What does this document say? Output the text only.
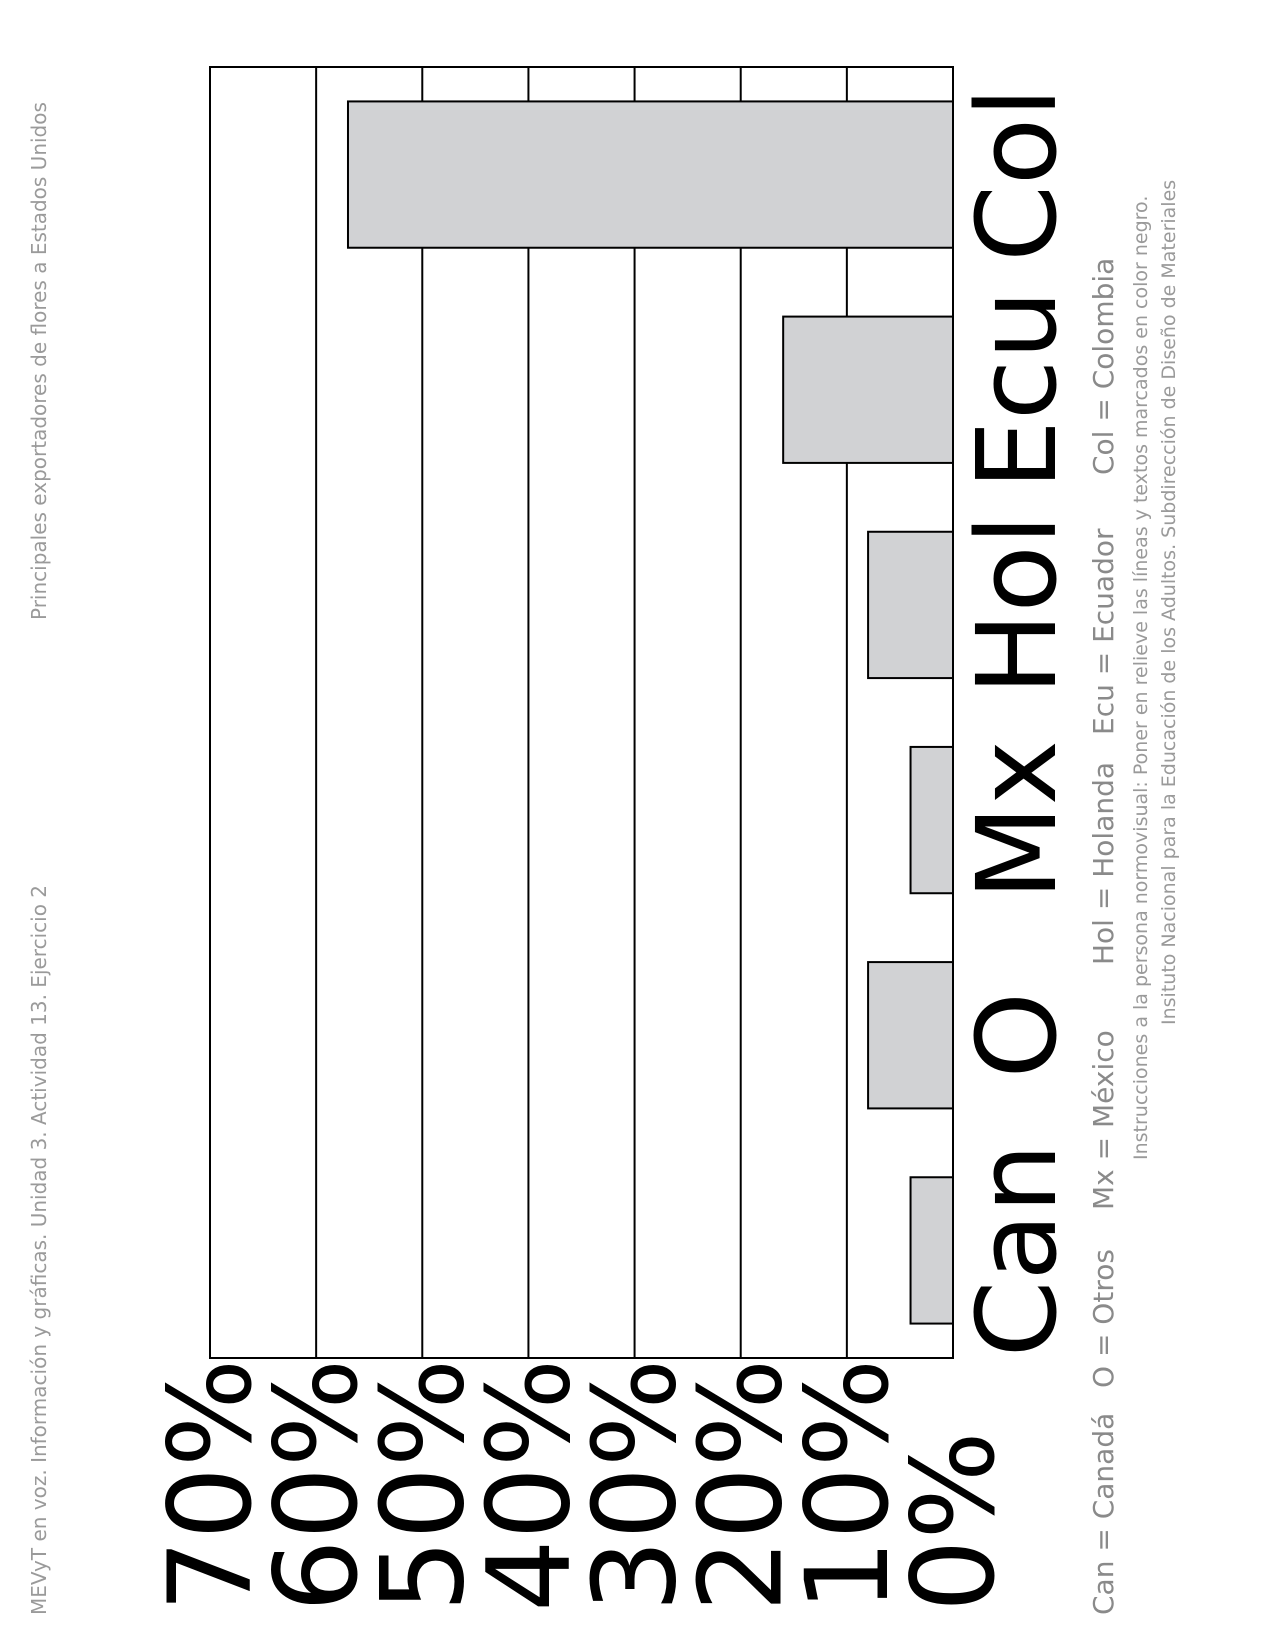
MEVyT en voz. Información y gráficas. Unidad 3. Actividad 13. Ejercicio 2
Principales exportadores de flores a Estados Unidos
0%
10%
20%
30%
40%
50%
60%
70%
Can
O
Mx
Hol
Ecu
Col
Can = Canadá
O = Otros
Mx = México
Hol = Holanda
Ecu = Ecuador
Col = Colombia Instrucciones a la persona normovisual: Poner en relieve las líneas y textos marcados en color negro. Insituto Nacional para la Educación de los Adultos. Subdirección de Diseño de Materiales
